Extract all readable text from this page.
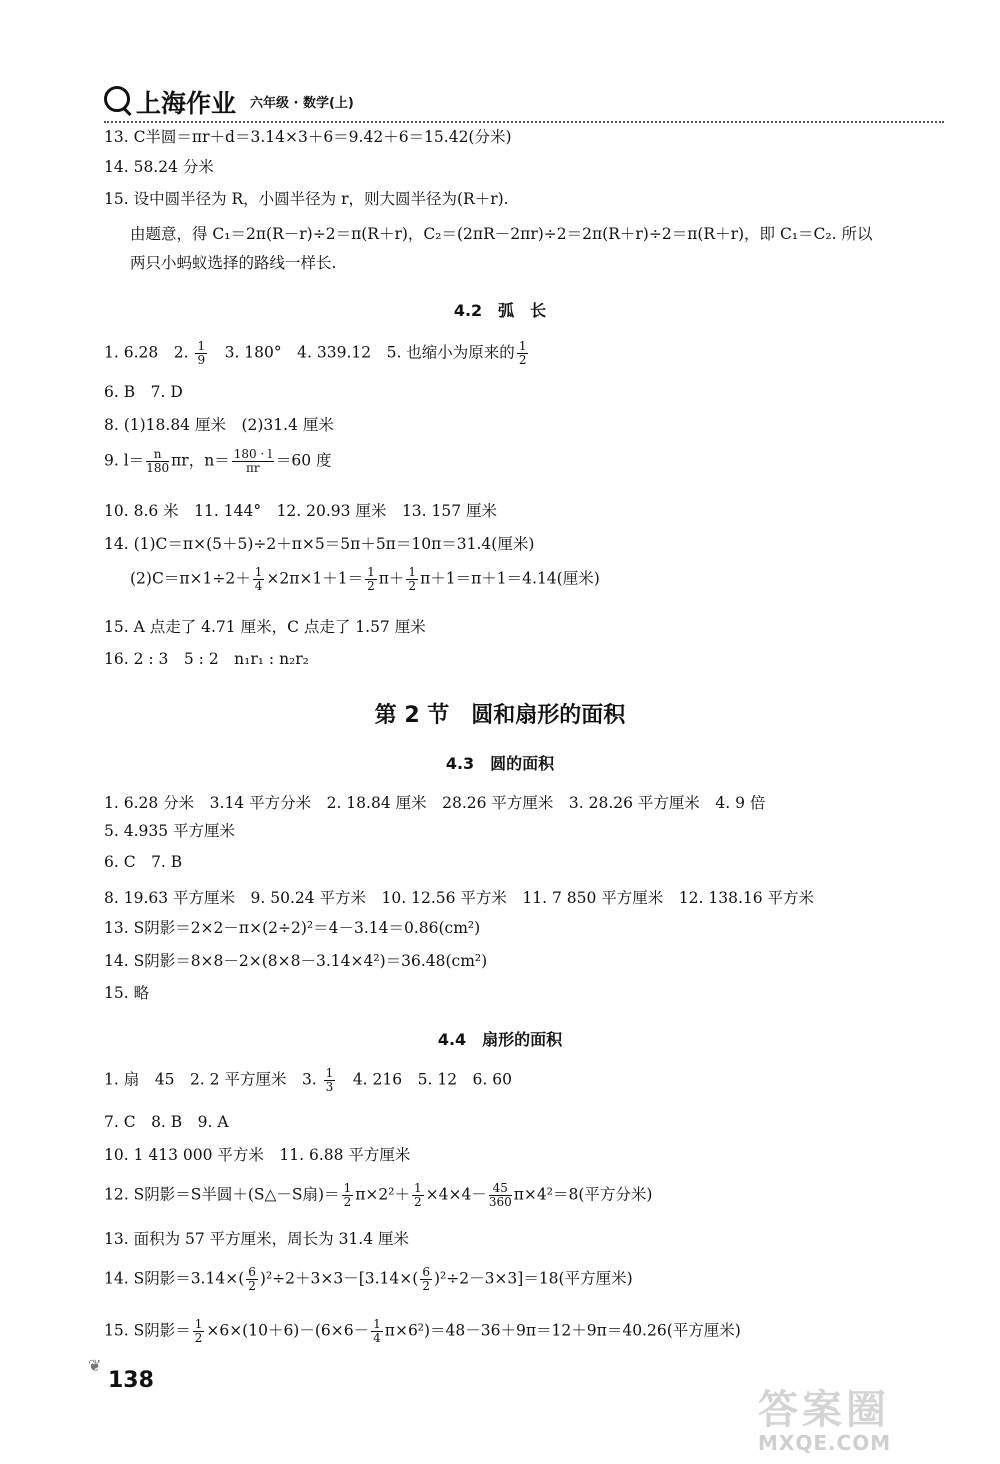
上海作业 六年级 · 数学(上)
13. C半圆＝πr＋d＝3.14×3＋6＝9.42＋6＝15.42(分米)
14. 58.24 分米
15. 设中圆半径为 R，小圆半径为 r，则大圆半径为(R＋r).
由题意，得 C₁＝2π(R－r)÷2＝π(R＋r)，C₂＝(2πR－2πr)÷2＝2π(R＋r)÷2＝π(R＋r)，即 C₁＝C₂. 所以
两只小蚂蚁选择的路线一样长.
4.2　弧　长
1. 6.28　2. $\frac{1}{9}$ 　3. 180°　4. 339.12　5. 也缩小为原来的 $\frac{1}{2}$
6. B　7. D
8. (1)18.84 厘米　(2)31.4 厘米
9. $l= \frac{n}{180}$ πr，$n= \frac{180 \cdot l}{\pi r} =60$ 度
10. 8.6 米　11. 144°　12. 20.93 厘米　13. 157 厘米
14. (1)C＝π×(5＋5)÷2＋π×5＝5π＋5π＝10π＝31.4(厘米)
$(2)C=\pi\times 1\div 2+ \frac{1}{4} \times 2\pi\times 1+1= \frac{1}{2} \pi+ \frac{1}{2} \pi+1=\pi+1=4.14$(厘米)
15. A 点走了 4.71 厘米，C 点走了 1.57 厘米
16. 2 : 3　5 : 2　n₁r₁ : n₂r₂
第 2 节　圆和扇形的面积
4.3　圆的面积
1. 6.28 分米　3.14 平方分米　2. 18.84 厘米　28.26 平方厘米　3. 28.26 平方厘米　4. 9 倍
5. 4.935 平方厘米
6. C　7. B
8. 19.63 平方厘米　9. 50.24 平方米　10. 12.56 平方米　11. 7 850 平方厘米　12. 138.16 平方米
13. S阴影＝2×2－π×(2÷2)²＝4－3.14＝0.86(cm²)
14. S阴影＝8×8－2×(8×8－3.14×4²)＝36.48(cm²)
15. 略
4.4　扇形的面积
1. 扇　45　2. 2 平方厘米　3. $\frac{1}{3}$ 　4. 216　5. 12　6. 60
7. C　8. B　9. A
10. 1 413 000 平方米　11. 6.88 平方厘米
12. S阴影＝S半圆＋(S△－S扇)＝ $\frac{1}{2} \pi\times 2^2+ \frac{1}{2} \times 4\times 4- \frac{45}{360} \pi\times 4^2=8$(平方分米)
13. 面积为 57 平方厘米，周长为 31.4 厘米
14. S阴影$=3.14\times( \frac{6}{2} )^2\div 2+3\times 3-[3.14\times( \frac{6}{2} )^2\div 2-3\times 3]=18$(平方厘米)
15. S阴影＝ $\frac{1}{2} \times 6\times(10+6)-(6\times 6- \frac{1}{4} \pi\times 6^2)=48-36+9\pi=12+9\pi=40.26$(平方厘米)
❦
138
答案圈
MXQE.COM
